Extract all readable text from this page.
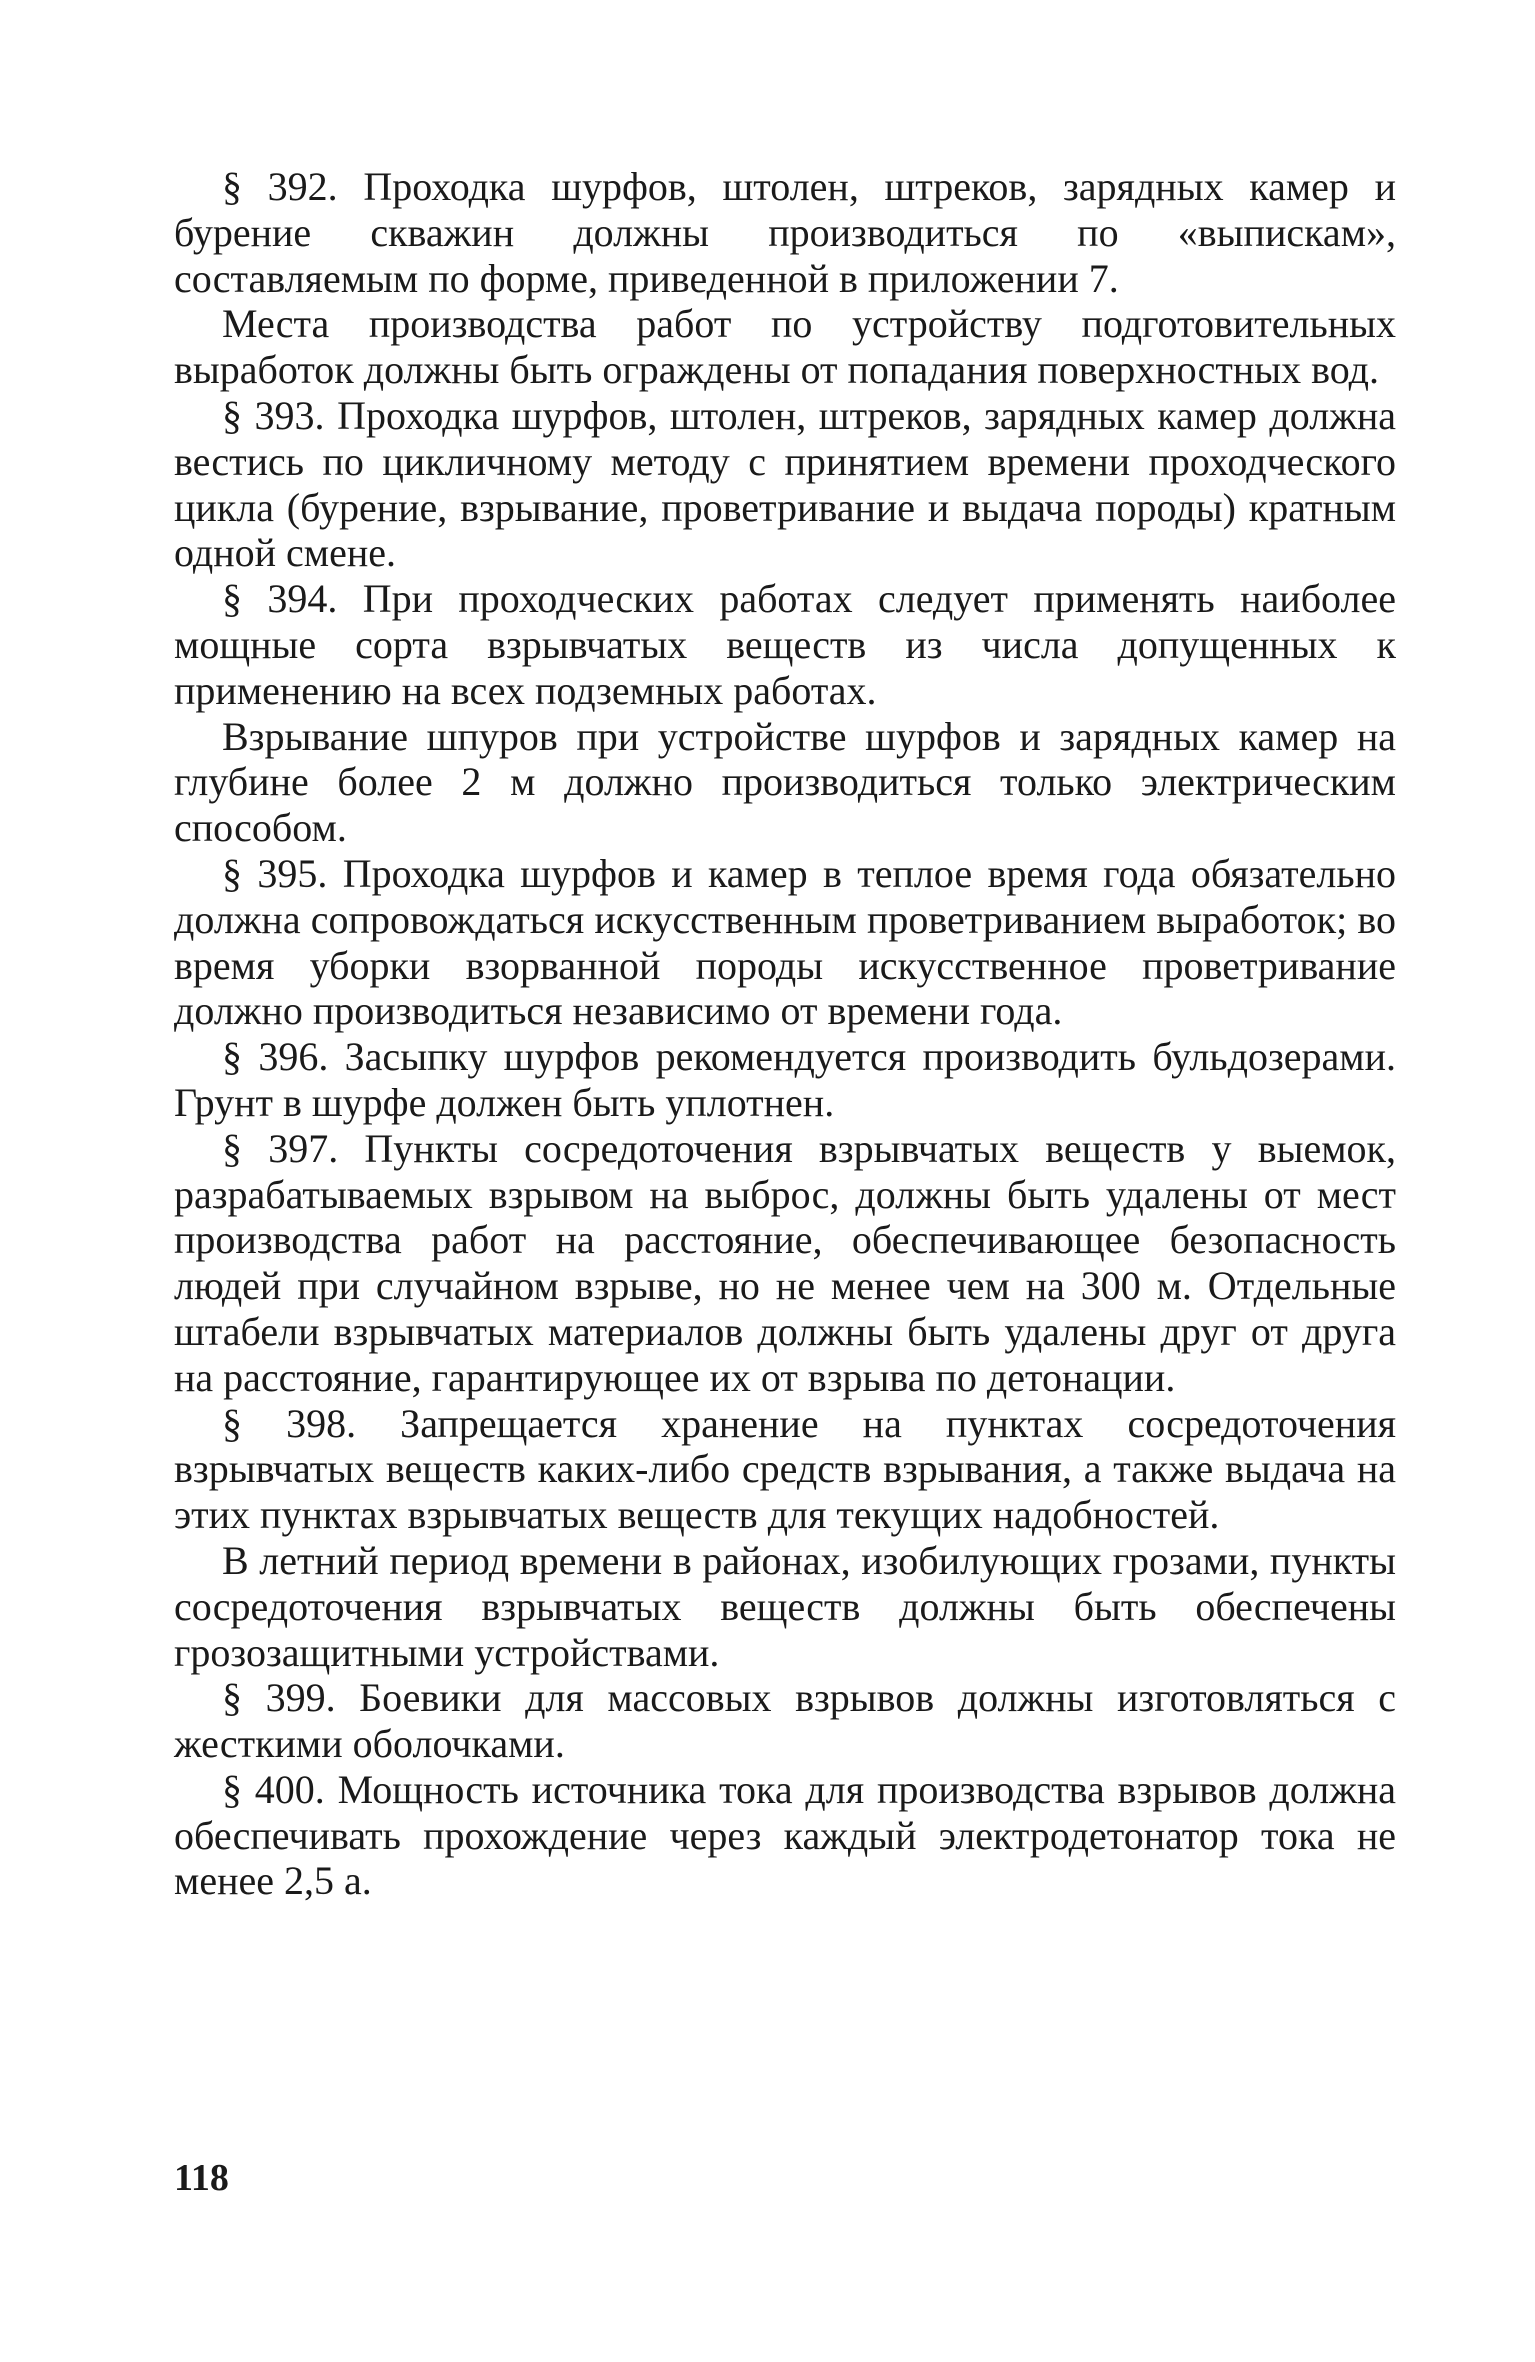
§ 392. Проходка шурфов, штолен, штреков, зарядных камер и бурение скважин должны производиться по «выпискам», составляемым по форме, приведенной в приложении 7.

Места производства работ по устройству подготовительных выработок должны быть ограждены от попадания поверхностных вод.

§ 393. Проходка шурфов, штолен, штреков, зарядных камер должна вестись по цикличному методу с принятием времени проходческого цикла (бурение, взрывание, проветривание и выдача породы) кратным одной смене.

§ 394. При проходческих работах следует применять наиболее мощные сорта взрывчатых веществ из числа допущенных к применению на всех подземных работах.

Взрывание шпуров при устройстве шурфов и зарядных камер на глубине более 2 м должно производиться только электрическим способом.

§ 395. Проходка шурфов и камер в теплое время года обязательно должна сопровождаться искусственным проветриванием выработок; во время уборки взорванной породы искусственное проветривание должно производиться независимо от времени года.

§ 396. Засыпку шурфов рекомендуется производить бульдозерами. Грунт в шурфе должен быть уплотнен.

§ 397. Пункты сосредоточения взрывчатых веществ у выемок, разрабатываемых взрывом на выброс, должны быть удалены от мест производства работ на расстояние, обеспечивающее безопасность людей при случайном взрыве, но не менее чем на 300 м. Отдельные штабели взрывчатых материалов должны быть удалены друг от друга на расстояние, гарантирующее их от взрыва по детонации.

§ 398. Запрещается хранение на пунктах сосредоточения взрывчатых веществ каких-либо средств взрывания, а также выдача на этих пунктах взрывчатых веществ для текущих надобностей.

В летний период времени в районах, изобилующих грозами, пункты сосредоточения взрывчатых веществ должны быть обеспечены грозозащитными устройствами.

§ 399. Боевики для массовых взрывов должны изготовляться с жесткими оболочками.

§ 400. Мощность источника тока для производства взрывов должна обеспечивать прохождение через каждый электродетонатор тока не менее 2,5 а.

118
